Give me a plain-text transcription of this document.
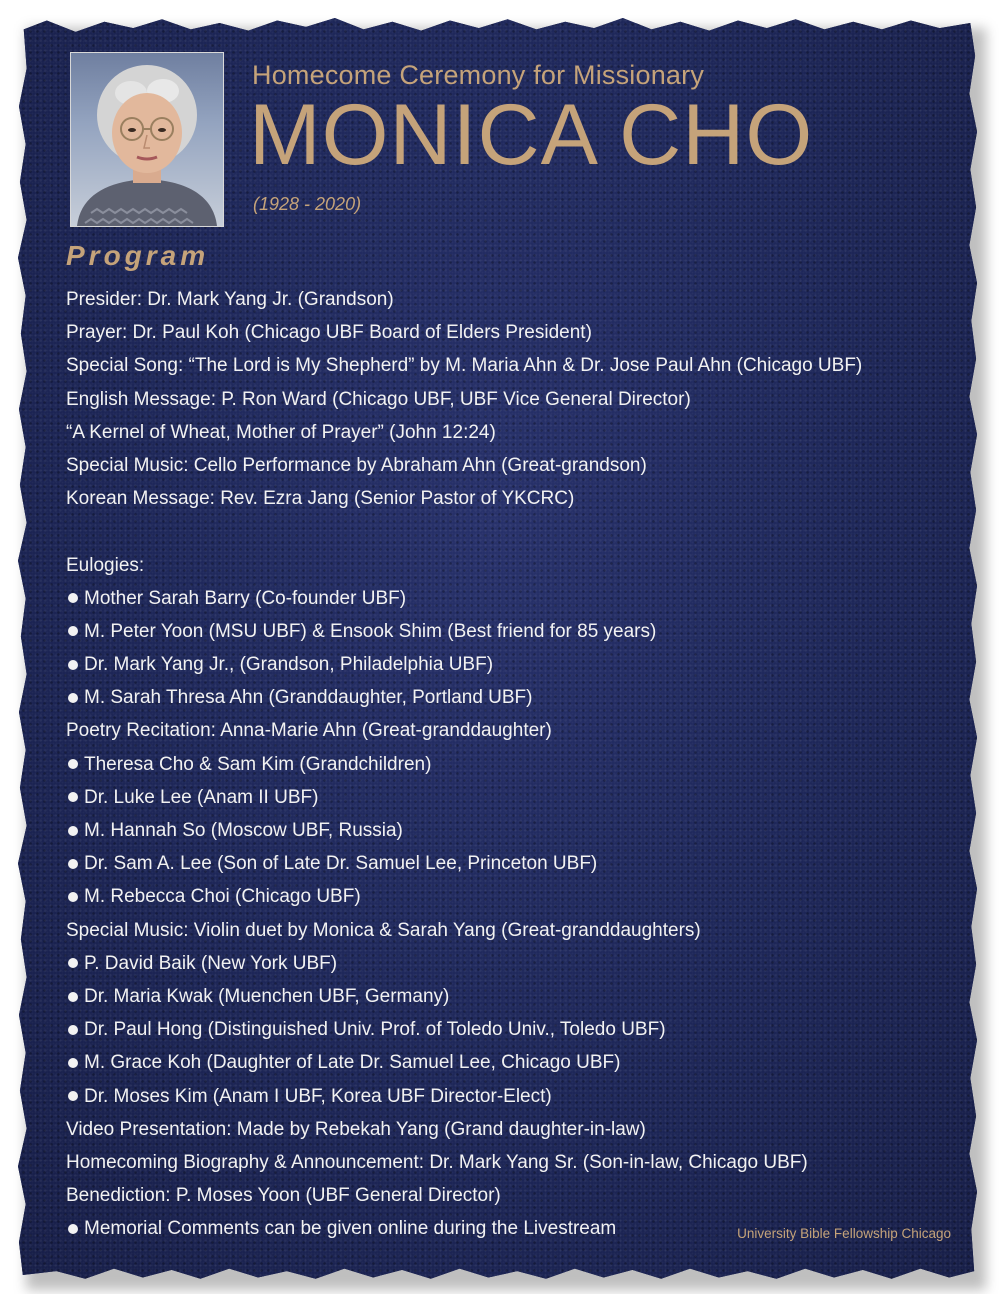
Homecome Ceremony for Missionary
MONICA CHO
(1928 - 2020)
Program
Presider: Dr. Mark Yang Jr. (Grandson)
Prayer: Dr. Paul Koh (Chicago UBF Board of Elders President)
Special Song: “The Lord is My Shepherd” by M. Maria Ahn & Dr. Jose Paul Ahn (Chicago UBF)
English Message: P. Ron Ward (Chicago UBF, UBF Vice General Director)
“A Kernel of Wheat, Mother of Prayer” (John 12:24)
Special Music: Cello Performance by Abraham Ahn (Great-grandson)
Korean Message: Rev. Ezra Jang (Senior Pastor of YKCRC)
Eulogies:
Mother Sarah Barry (Co-founder UBF)
M. Peter Yoon (MSU UBF) & Ensook Shim (Best friend for 85 years)
Dr. Mark Yang Jr., (Grandson, Philadelphia UBF)
M. Sarah Thresa Ahn (Granddaughter, Portland UBF)
Poetry Recitation: Anna-Marie Ahn (Great-granddaughter)
Theresa Cho & Sam Kim (Grandchildren)
Dr. Luke Lee (Anam II UBF)
M. Hannah So (Moscow UBF, Russia)
Dr. Sam A. Lee (Son of Late Dr. Samuel Lee, Princeton UBF)
M. Rebecca Choi (Chicago UBF)
Special Music: Violin duet by Monica & Sarah Yang (Great-granddaughters)
P. David Baik (New York UBF)
Dr. Maria Kwak (Muenchen UBF, Germany)
Dr. Paul Hong (Distinguished Univ. Prof. of Toledo Univ., Toledo UBF)
M. Grace Koh (Daughter of Late Dr. Samuel Lee, Chicago UBF)
Dr. Moses Kim (Anam I UBF, Korea UBF Director-Elect)
Video Presentation: Made by Rebekah Yang (Grand daughter-in-law)
Homecoming Biography & Announcement: Dr. Mark Yang Sr. (Son-in-law, Chicago UBF)
Benediction: P. Moses Yoon (UBF General Director)
Memorial Comments can be given online during the Livestream	University Bible Fellowship Chicago
